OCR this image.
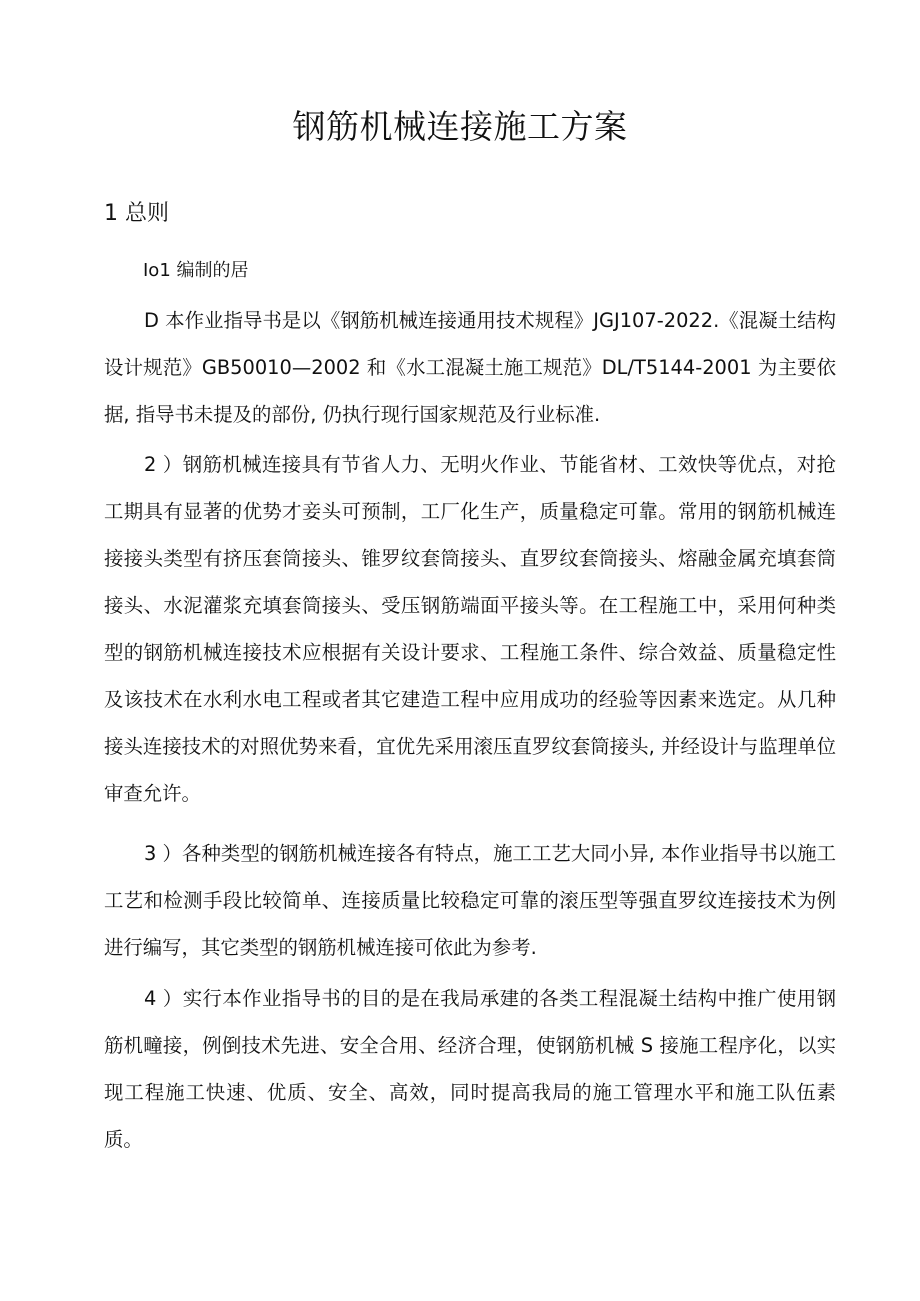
钢筋机械连接施工方案
1 总则
Io1 编制的居

D 本作业指导书是以《钢筋机械连接通用技术规程》JGJ107-2022.《混凝土结构设计规范》GB50010—2002 和《水工混凝土施工规范》DL/T5144-2001 为主要依据, 指导书未提及的部份, 仍执行现行国家规范及行业标准.

2 ）钢筋机械连接具有节省人力、无明火作业、节能省材、工效快等优点，对抢工期具有显著的优势才妾头可预制，工厂化生产，质量稳定可靠。常用的钢筋机械连接接头类型有挤压套筒接头、锥罗纹套筒接头、直罗纹套筒接头、熔融金属充填套筒接头、水泥灌浆充填套筒接头、受压钢筋端面平接头等。在工程施工中，采用何种类型的钢筋机械连接技术应根据有关设计要求、工程施工条件、综合效益、质量稳定性及该技术在水利水电工程或者其它建造工程中应用成功的经验等因素来选定。从几种接头连接技术的对照优势来看，宜优先采用滚压直罗纹套筒接头, 并经设计与监理单位审查允许。

3 ）各种类型的钢筋机械连接各有特点，施工工艺大同小异, 本作业指导书以施工工艺和检测手段比较简单、连接质量比较稳定可靠的滚压型等强直罗纹连接技术为例进行编写，其它类型的钢筋机械连接可依此为参考.

4 ）实行本作业指导书的目的是在我局承建的各类工程混凝土结构中推广使用钢筋机疃接，例倒技术先进、安全合用、经济合理，使钢筋机械 S 接施工程序化，以实现工程施工快速、优质、安全、高效，同时提高我局的施工管理水平和施工队伍素质。
